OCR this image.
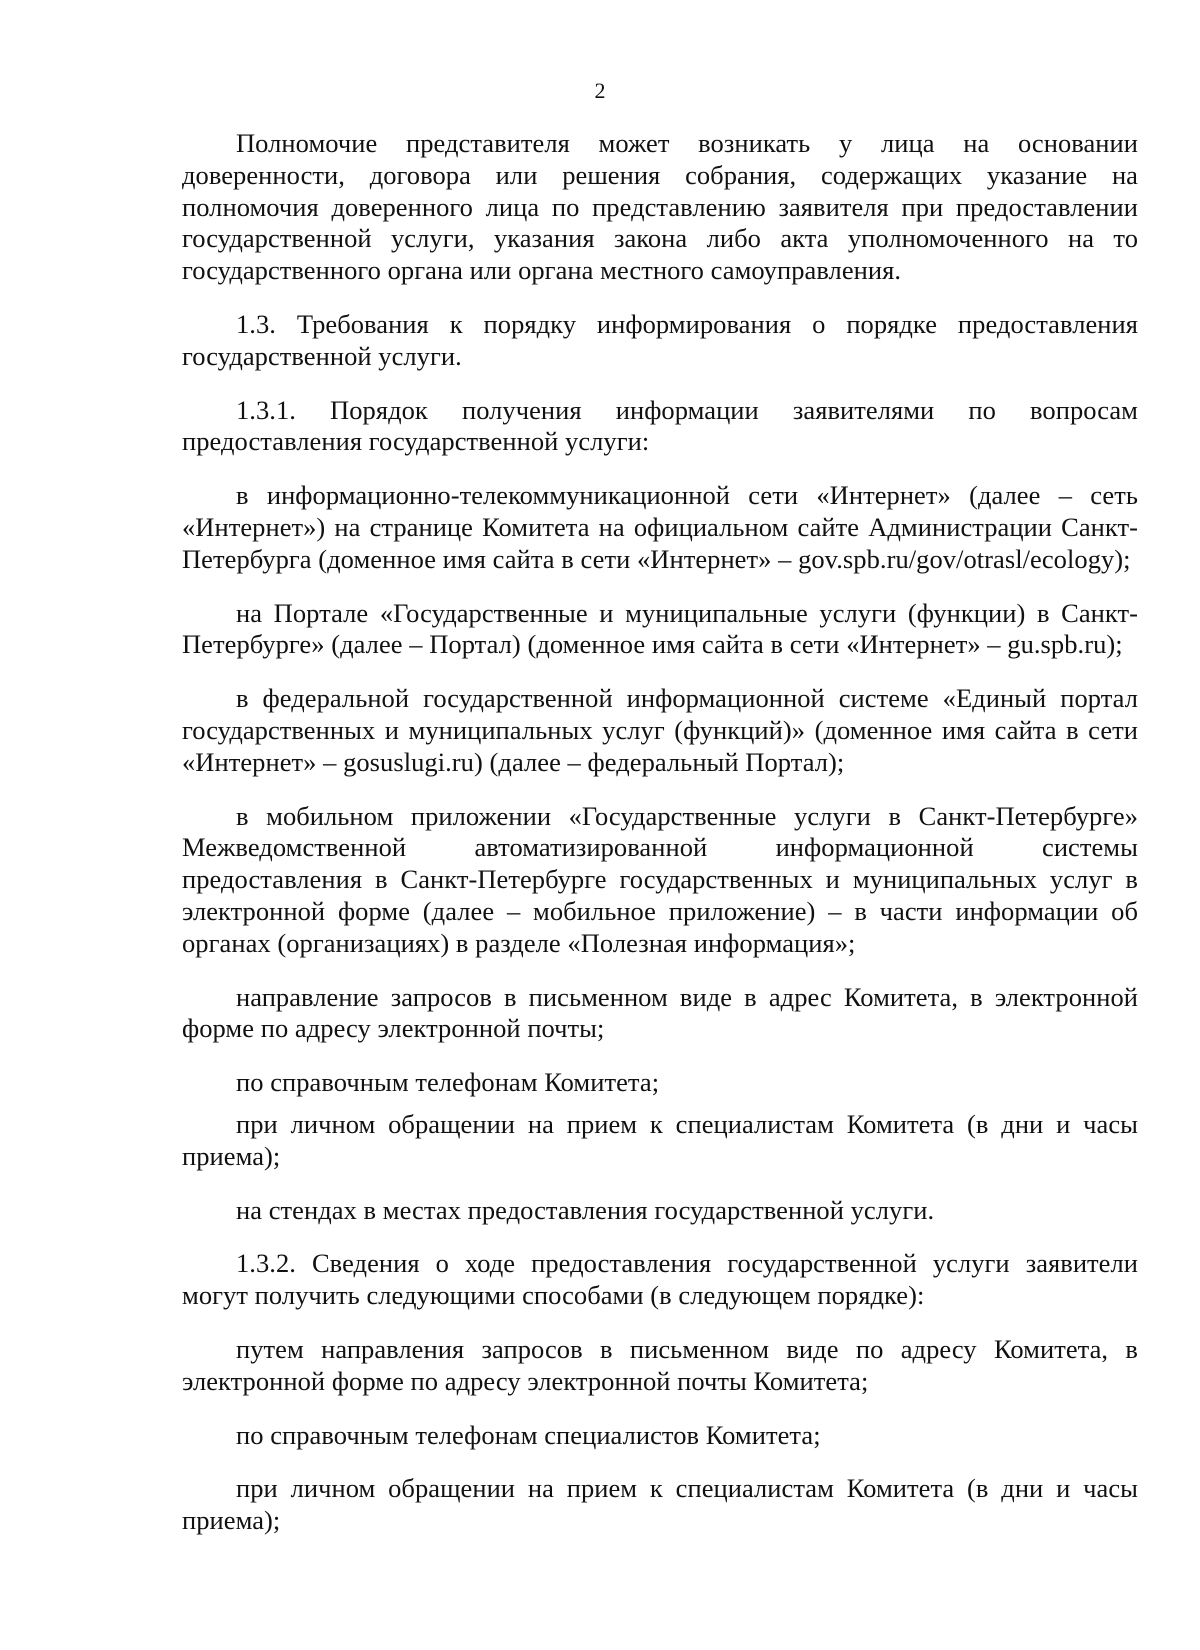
2

Полномочие представителя может возникать у лица на основании доверенности, договора или решения собрания, содержащих указание на полномочия доверенного лица по представлению заявителя при предоставлении государственной услуги, указания закона либо акта уполномоченного на то государственного органа или органа местного самоуправления.

1.3. Требования к порядку информирования о порядке предоставления государственной услуги.

1.3.1. Порядок получения информации заявителями по вопросам предоставления государственной услуги:

в информационно-телекоммуникационной сети «Интернет» (далее – сеть «Интернет») на странице Комитета на официальном сайте Администрации Санкт-Петербурга (доменное имя сайта в сети «Интернет» – gov.spb.ru/gov/otrasl/ecology);

на Портале «Государственные и муниципальные услуги (функции) в Санкт-Петербурге» (далее – Портал) (доменное имя сайта в сети «Интернет» – gu.spb.ru);

в федеральной государственной информационной системе «Единый портал государственных и муниципальных услуг (функций)» (доменное имя сайта в сети «Интернет» – gosuslugi.ru) (далее – федеральный Портал);

в мобильном приложении «Государственные услуги в Санкт-Петербурге» Межведомственной автоматизированной информационной системы предоставления в Санкт-Петербурге государственных и муниципальных услуг в электронной форме (далее – мобильное приложение) – в части информации об органах (организациях) в разделе «Полезная информация»;

направление запросов в письменном виде в адрес Комитета, в электронной форме по адресу электронной почты;

по справочным телефонам Комитета;

при личном обращении на прием к специалистам Комитета (в дни и часы приема);

на стендах в местах предоставления государственной услуги.

1.3.2. Сведения о ходе предоставления государственной услуги заявители могут получить следующими способами (в следующем порядке):

путем направления запросов в письменном виде по адресу Комитета, в электронной форме по адресу электронной почты Комитета;

по справочным телефонам специалистов Комитета;

при личном обращении на прием к специалистам Комитета (в дни и часы приема);
